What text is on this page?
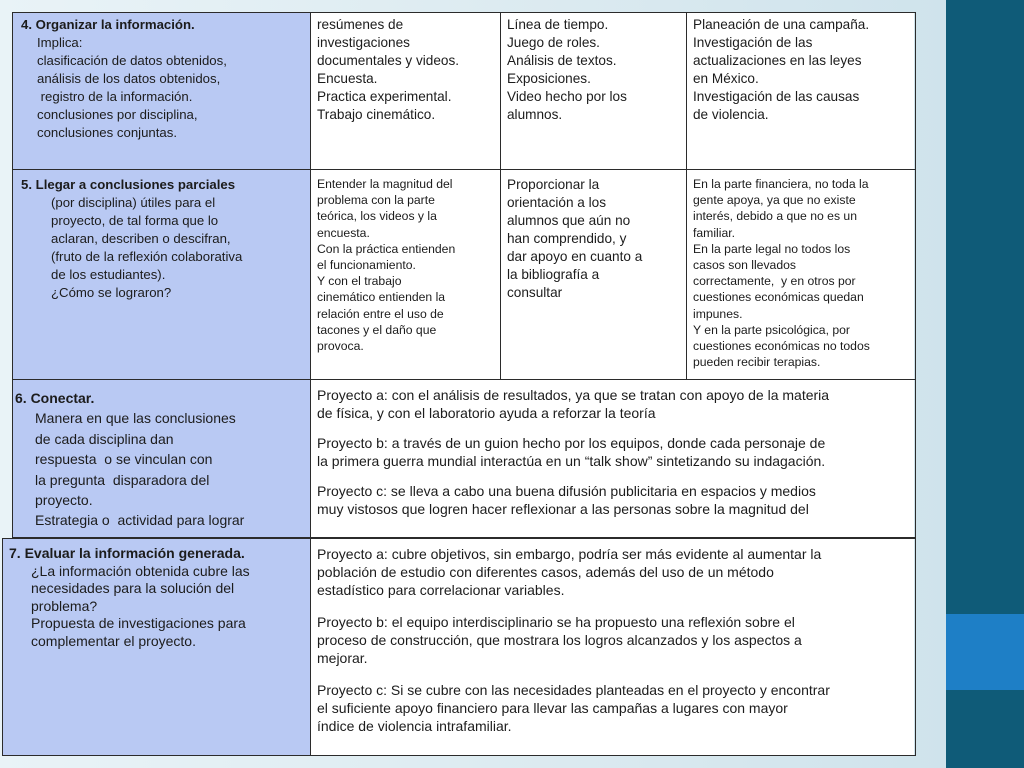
4. Organizar la información.
Implica:
clasificación de datos obtenidos,
análisis de los datos obtenidos,
registro de la información.
conclusiones por disciplina,
conclusiones conjuntas.
resúmenes de
investigaciones
documentales y videos.
Encuesta.
Practica experimental.
Trabajo cinemático.
Línea de tiempo.
Juego de roles.
Análisis de textos.
Exposiciones.
Video hecho por los
alumnos.
Planeación de una campaña.
Investigación de las
actualizaciones en las leyes
en México.
Investigación de las causas
de violencia.
5. Llegar a conclusiones parciales
(por disciplina) útiles para el
proyecto, de tal forma que lo
aclaran, describen o descifran,
(fruto de la reflexión colaborativa
de los estudiantes).
¿Cómo se lograron?
Entender la magnitud del
problema con la parte
teórica, los videos y la
encuesta.
Con la práctica entienden
el funcionamiento.
Y con el trabajo
cinemático entienden la
relación entre el uso de
tacones y el daño que
provoca.
Proporcionar la
orientación a los
alumnos que aún no
han comprendido, y
dar apoyo en cuanto a
la bibliografía a
consultar
En la parte financiera, no toda la
gente apoya, ya que no existe
interés, debido a que no es un
familiar.
En la parte legal no todos los
casos son llevados
correctamente,  y en otros por
cuestiones económicas quedan
impunes.
Y en la parte psicológica, por
cuestiones económicas no todos
pueden recibir terapias.
6. Conectar.
Manera en que las conclusiones
de cada disciplina dan
respuesta  o se vinculan con
la pregunta  disparadora del
proyecto.
Estrategia o  actividad para lograr
Proyecto a: con el análisis de resultados, ya que se tratan con apoyo de la materia
de física, y con el laboratorio ayuda a reforzar la teoría
Proyecto b: a través de un guion hecho por los equipos, donde cada personaje de
la primera guerra mundial interactúa en un “talk show” sintetizando su indagación.
Proyecto c: se lleva a cabo una buena difusión publicitaria en espacios y medios
muy vistosos que logren hacer reflexionar a las personas sobre la magnitud del
7. Evaluar la información generada.
¿La información obtenida cubre las
necesidades para la solución del
problema?
Propuesta de investigaciones para
complementar el proyecto.
Proyecto a: cubre objetivos, sin embargo, podría ser más evidente al aumentar la
población de estudio con diferentes casos, además del uso de un método
estadístico para correlacionar variables.
Proyecto b: el equipo interdisciplinario se ha propuesto una reflexión sobre el
proceso de construcción, que mostrara los logros alcanzados y los aspectos a
mejorar.
Proyecto c: Si se cubre con las necesidades planteadas en el proyecto y encontrar
el suficiente apoyo financiero para llevar las campañas a lugares con mayor
índice de violencia intrafamiliar.
